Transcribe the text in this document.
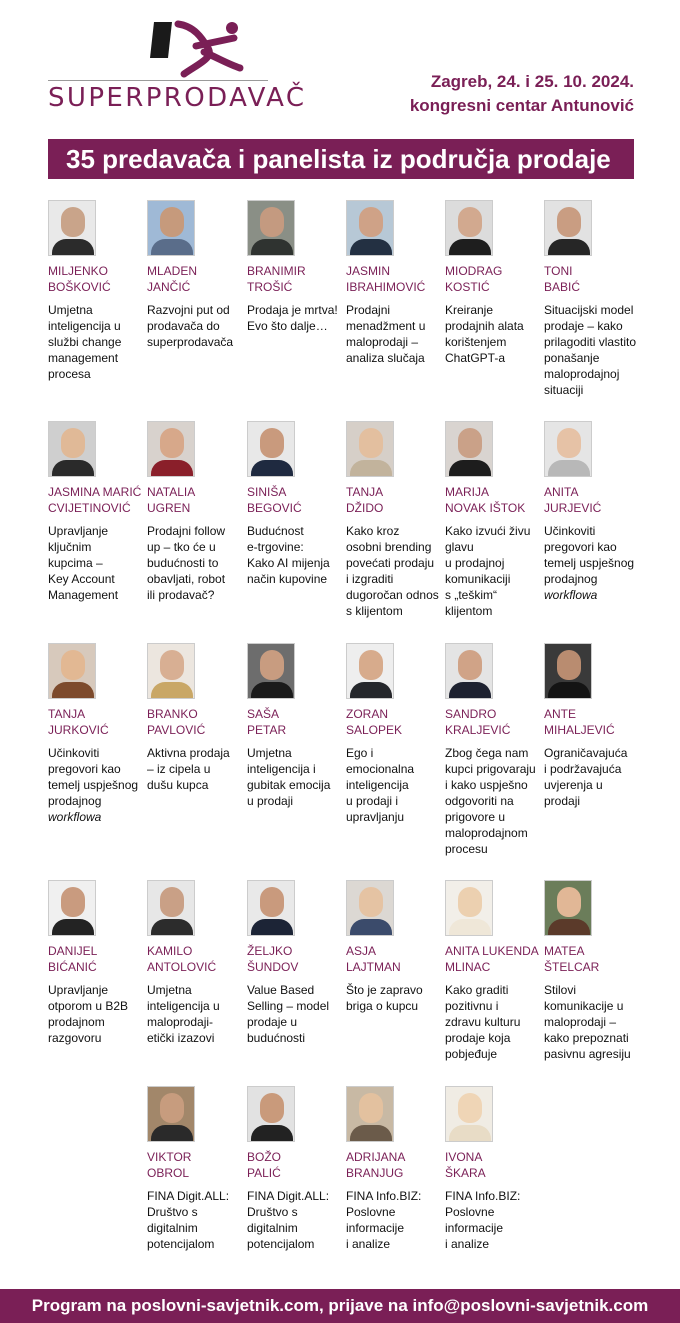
SUPERPRODAVAČ
Zagreb, 24. i 25. 10. 2024.
kongresni centar Antunović
35 predavača i panelista iz područja prodaje
MILJENKO
BOŠKOVIĆ
Umjetna
inteligencija u
službi change
management
procesa
MLADEN
JANČIĆ
Razvojni put od
prodavača do
superprodavača
BRANIMIR
TROŠIĆ
Prodaja je mrtva!
Evo što dalje…
JASMIN
IBRAHIMOVIĆ
Prodajni
menadžment u
maloprodaji –
analiza slučaja
MIODRAG
KOSTIĆ
Kreiranje
prodajnih alata
korištenjem
ChatGPT-a
TONI
BABIĆ
Situacijski model
prodaje – kako
prilagoditi vlastito
ponašanje
maloprodajnoj
situaciji
JASMINA MARIĆ
CVIJETINOVIĆ
Upravljanje
ključnim
kupcima –
Key Account
Management
NATALIA
UGREN
Prodajni follow
up – tko će u
budućnosti to
obavljati, robot
ili prodavač?
SINIŠA
BEGOVIĆ
Budućnost
e-trgovine:
Kako AI mijenja
način kupovine
TANJA
DŽIDO
Kako kroz
osobni brending
povećati prodaju
i izgraditi
dugoročan odnos
s klijentom
MARIJA
NOVAK IŠTOK
Kako izvući živu
glavu
u prodajnoj
komunikaciji
s „teškim“
klijentom
ANITA
JURJEVIĆ
Učinkoviti
pregovori kao
temelj uspješnog
prodajnog
workflowa
TANJA
JURKOVIĆ
Učinkoviti
pregovori kao
temelj uspješnog
prodajnog
workflowa
BRANKO
PAVLOVIĆ
Aktivna prodaja
– iz cipela u
dušu kupca
SAŠA
PETAR
Umjetna
inteligencija i
gubitak emocija
u prodaji
ZORAN
SALOPEK
Ego i
emocionalna
inteligencija
u prodaji i
upravljanju
SANDRO
KRALJEVIĆ
Zbog čega nam
kupci prigovaraju
i kako uspješno
odgovoriti na
prigovore u
maloprodajnom
procesu
ANTE
MIHALJEVIĆ
Ograničavajuća
i podržavajuća
uvjerenja u
prodaji
DANIJEL
BIĆANIĆ
Upravljanje
otporom u B2B
prodajnom
razgovoru
KAMILO
ANTOLOVIĆ
Umjetna
inteligencija u
maloprodaji-
etički izazovi
ŽELJKO
ŠUNDOV
Value Based
Selling – model
prodaje u
budućnosti
ASJA
LAJTMAN
Što je zapravo
briga o kupcu
ANITA LUKENDA
MLINAC
Kako graditi
pozitivnu i
zdravu kulturu
prodaje koja
pobjeđuje
MATEA ŠTELCAR
Stilovi
komunikacije u
maloprodaji –
kako prepoznati
pasivnu agresiju
VIKTOR
OBROL
FINA Digit.ALL:
Društvo s
digitalnim
potencijalom
BOŽO
PALIĆ
FINA Digit.ALL:
Društvo s
digitalnim
potencijalom
ADRIJANA
BRANJUG
FINA Info.BIZ:
Poslovne
informacije
i analize
IVONA
ŠKARA
FINA Info.BIZ:
Poslovne
informacije
i analize
Program na poslovni-savjetnik.com, prijave na info@poslovni-savjetnik.com
